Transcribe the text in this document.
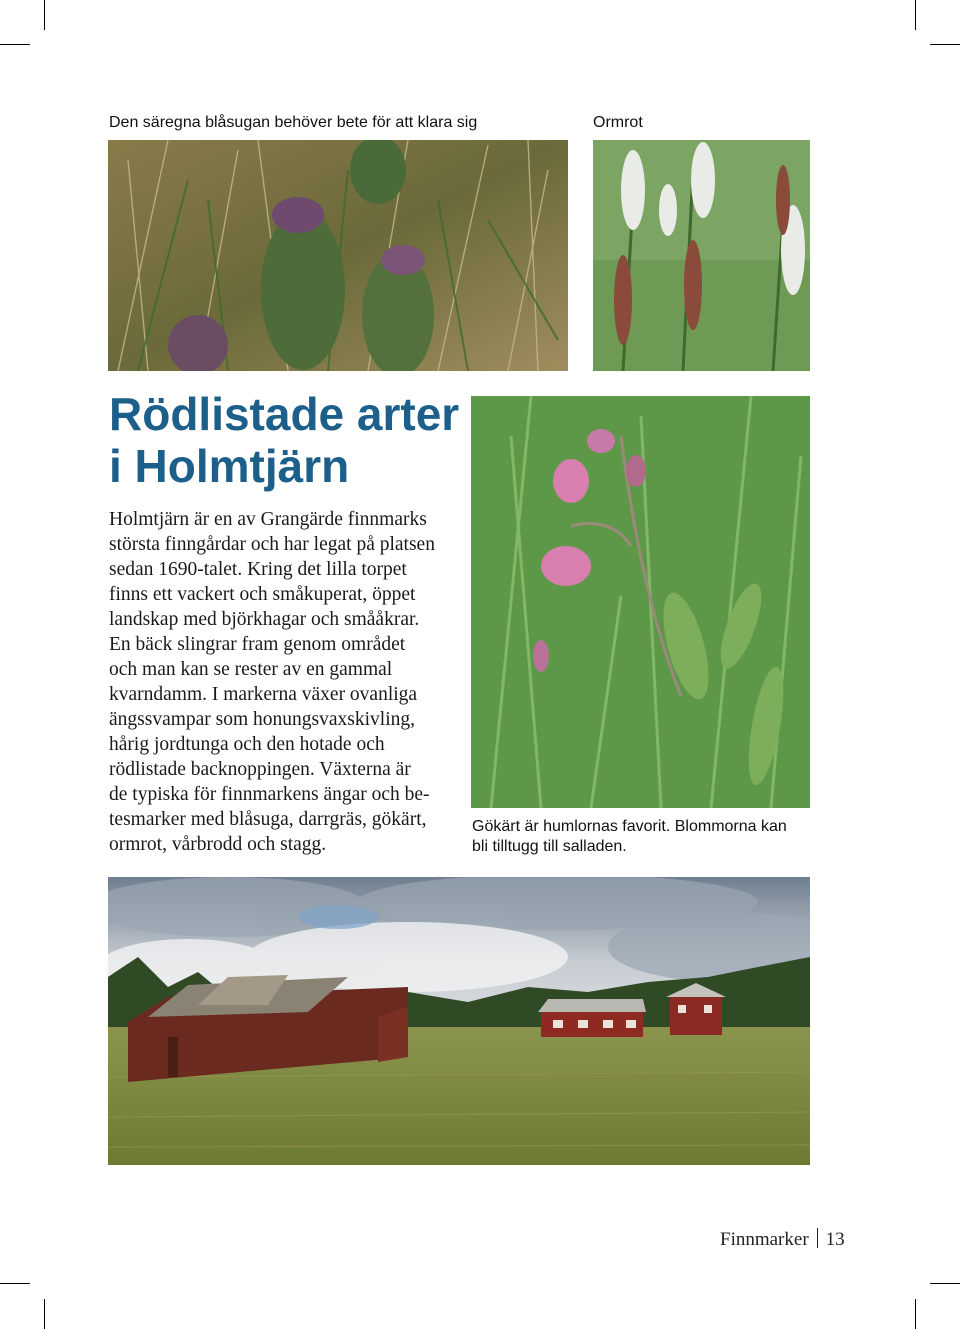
Den säregna blåsugan behöver bete för att klara sig	Ormrot
Rödlistade arter
i Holmtjärn
Holmtjärn är en av Grangärde finnmarks
största finngårdar och har legat på platsen
sedan 1690-talet. Kring det lilla torpet
finns ett vackert och småkuperat, öppet
landskap med björkhagar och smååkrar.
En bäck slingrar fram genom området
och man kan se rester av en gammal
kvarndamm. I markerna växer ovanliga
ängssvampar som honungsvaxskivling,
hårig jordtunga och den hotade och
rödlistade backnoppingen. Växterna är
de typiska för finnmarkens ängar och be-
tesmarker med blåsuga, darrgräs, gökärt,
ormrot, vårbrodd och stagg.
Gökärt är humlornas favorit. Blommorna kan
bli tilltugg till salladen.
Finnmarker 13
